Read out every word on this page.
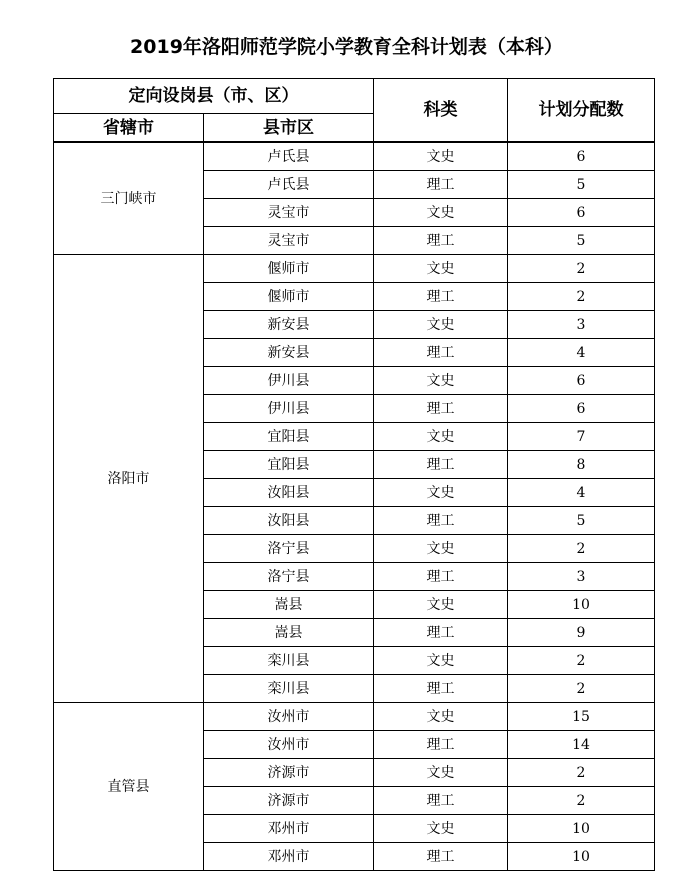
2019年洛阳师范学院小学教育全科计划表（本科）
定向设岗县（市、区）		科类	计划分配数
省辖市	县市区		
三门峡市	卢氏县	文史	6
	卢氏县	理工	5
	灵宝市	文史	6
	灵宝市	理工	5
洛阳市	偃师市	文史	2
	偃师市	理工	2
	新安县	文史	3
	新安县	理工	4
	伊川县	文史	6
	伊川县	理工	6
	宜阳县	文史	7
	宜阳县	理工	8
	汝阳县	文史	4
	汝阳县	理工	5
	洛宁县	文史	2
	洛宁县	理工	3
	嵩县	文史	10
	嵩县	理工	9
	栾川县	文史	2
	栾川县	理工	2
直管县	汝州市	文史	15
	汝州市	理工	14
	济源市	文史	2
	济源市	理工	2
	邓州市	文史	10
	邓州市	理工	10
